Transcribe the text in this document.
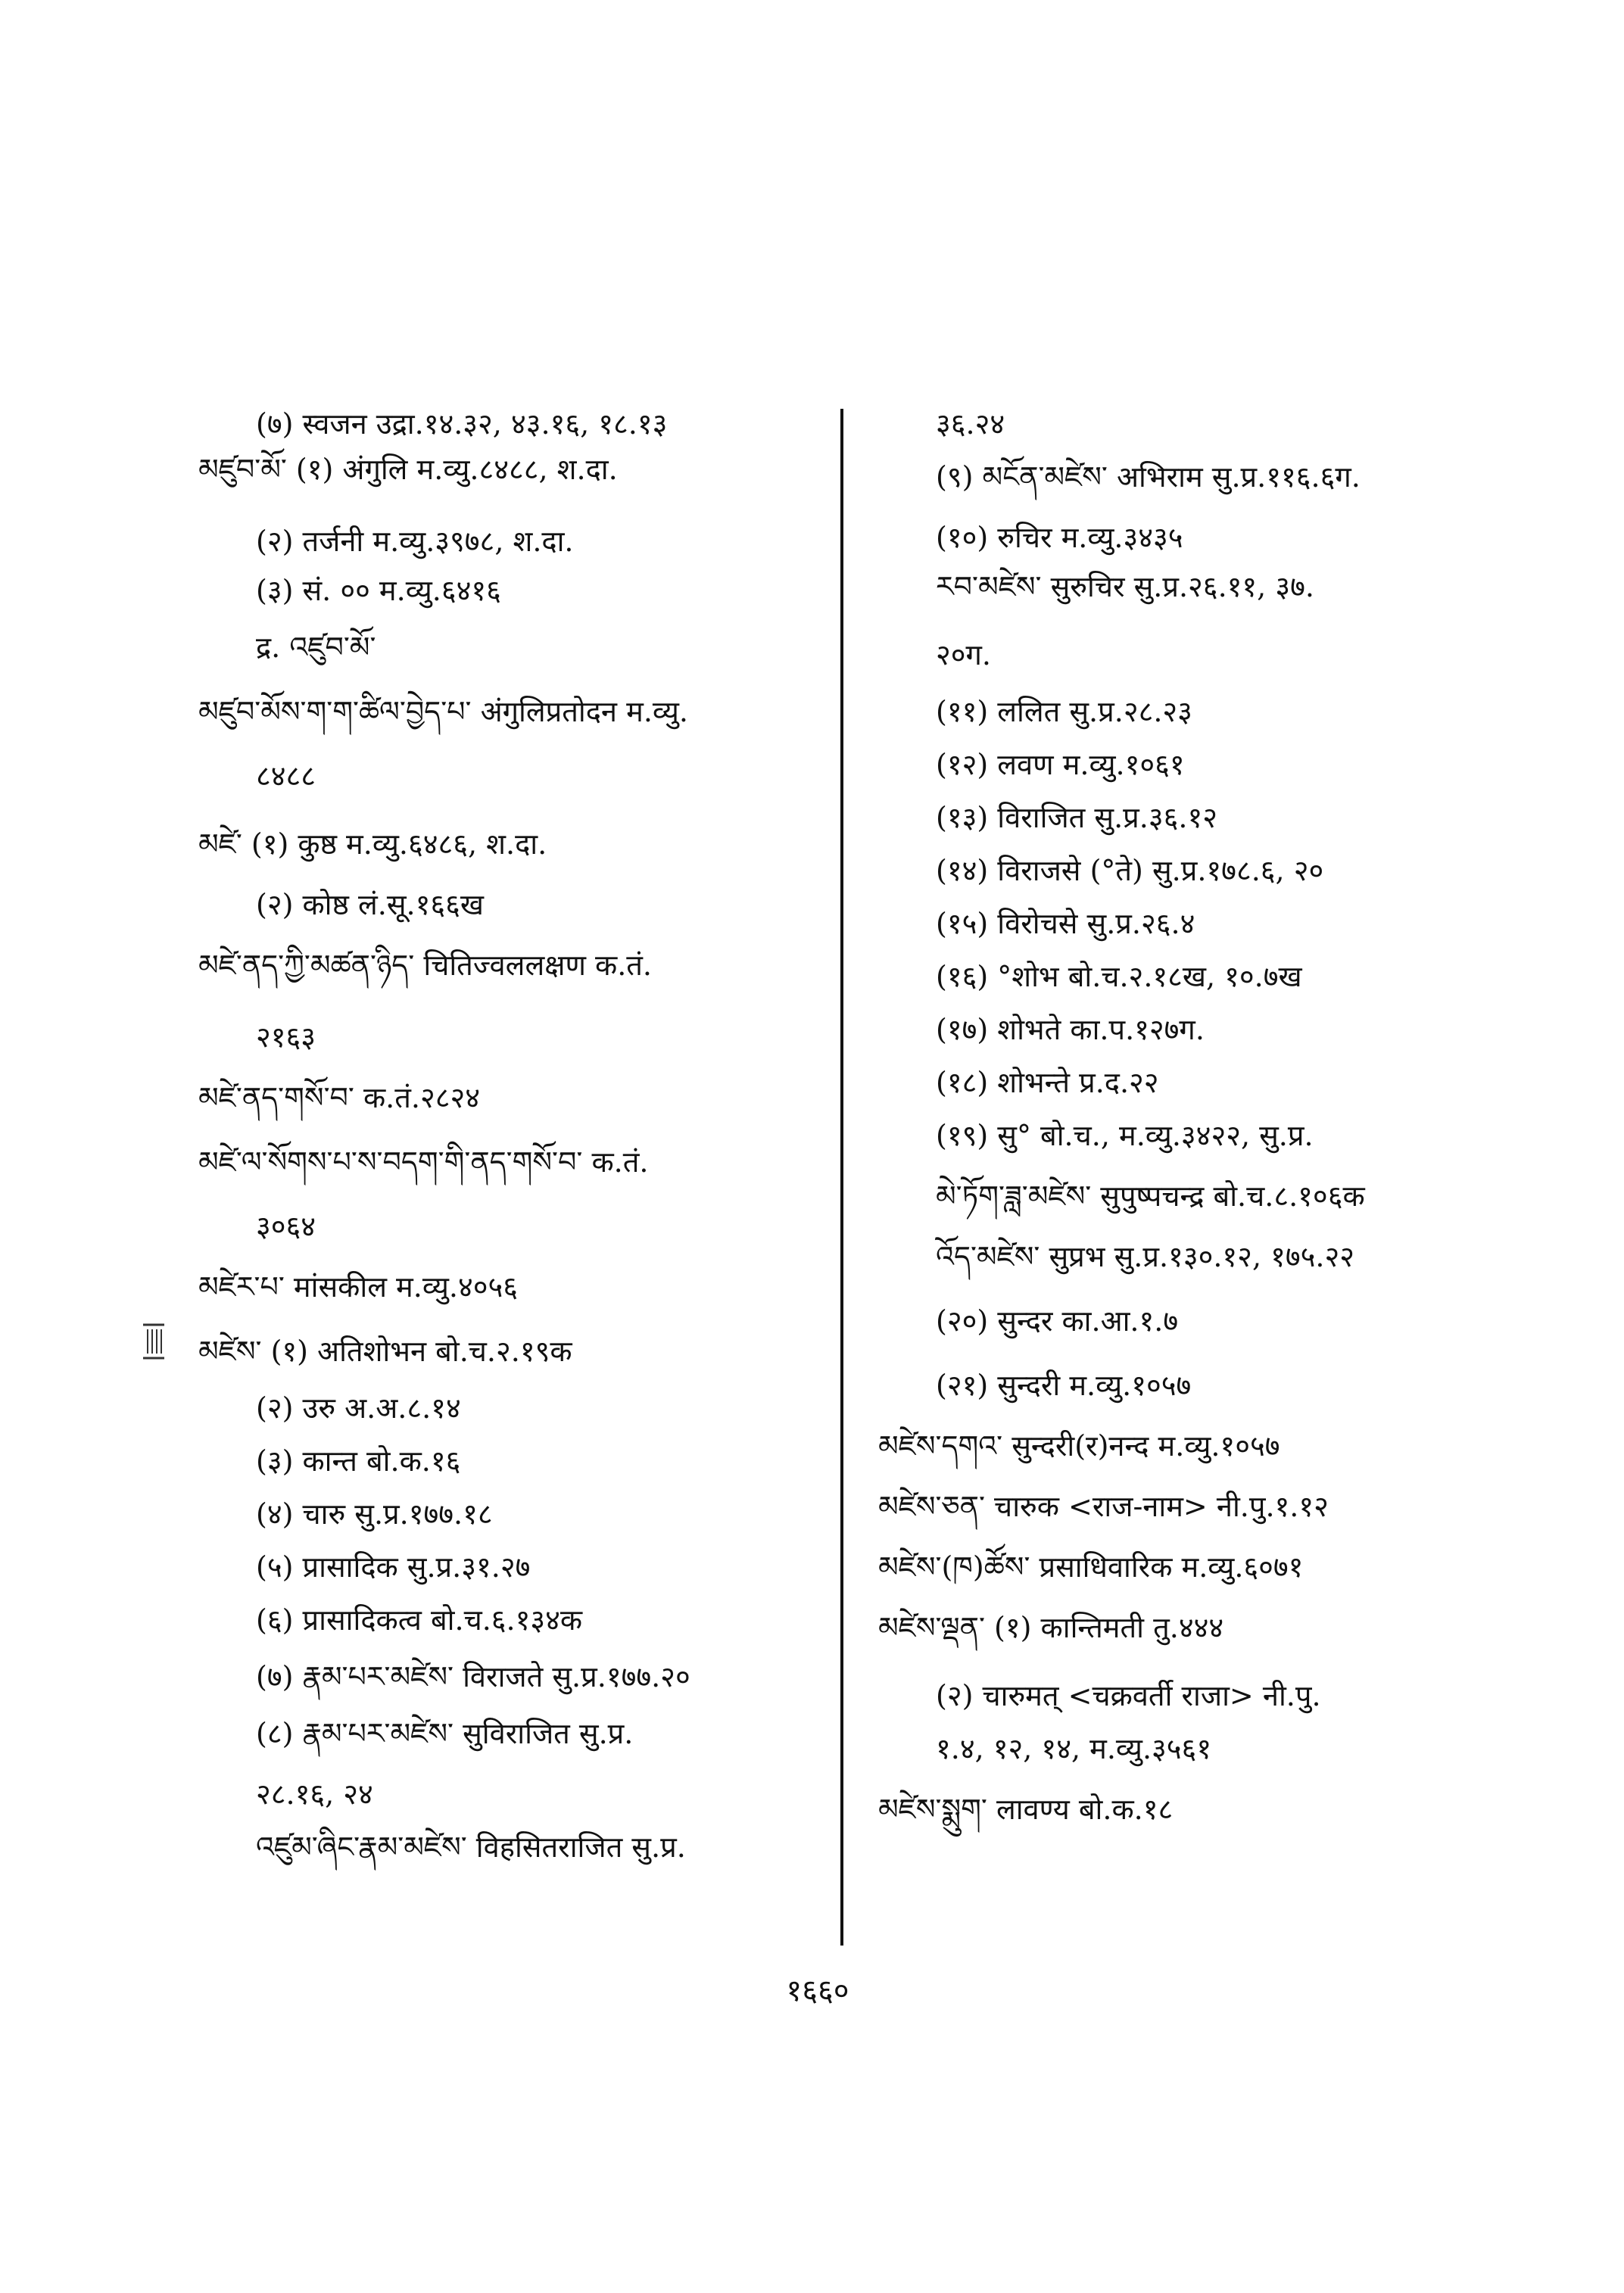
(७) स्वजन उद्रा.१४.३२, ४३.१६, १८.१३
མཛུབ་མོ་ (१) अंगुलि म.व्यु.८४८८, श.दा.
(२) तर्जनी म.व्यु.३९७८, श.दा.
(३) सं. ०० म.व्यु.६४१६
द्र. འཛུབ་མོ་
མཛུབ་མོས་ག་ག་ཚིལ་བྱེད་པ་ अंगुलिप्रतोदन म.व्यु.
८४८८
མཛེ་ (१) कुष्ठ म.व्यु.६४८६, श.दा.
(२) कोष्ठ लं.सू.१६६ख
མཛེ་ནད་ཀྱི་མཚན་ཉིད་ चितिज्वललक्षण क.तं.
२१६३
མཛེ་ནད་གསོ་བ་ क.तं.२८२४
མཛེ་ལ་སོགས་པ་ས་བདག་གི་ནད་གསོ་བ་ क.तं.
३०६४
མཛེར་པ་ मांसकील म.व्यु.४०५६
མཛེས་ (१) अतिशोभन बो.च.२.१९क
(२) उरु अ.अ.८.१४
(३) कान्त बो.क.१६
(४) चारु सु.प्र.१७७.१८
(५) प्रासादिक सु.प्र.३१.२७
(६) प्रासादिकत्व बो.च.६.१३४क
(७) རྣམ་པར་མཛེས་ विराजते सु.प्र.१७७.२०
(८) རྣམ་པར་མཛེས་ सुविराजित सु.प्र.
२८.१६, २४
འཛུམ་ཞིང་རྣམ་མཛེས་ विहसितराजित सु.प्र.
३६.२४
(९) མངོན་མཛེས་ अभिराम सु.प्र.११६.६ग.
(१०) रुचिर म.व्यु.३४३५
རབ་མཛེས་ सुरुचिर सु.प्र.२६.११, ३७.
२०ग.
(११) ललित सु.प्र.२८.२३
(१२) लवण म.व्यु.१०६१
(१३) विराजित सु.प्र.३६.१२
(१४) विराजसे (°ते) सु.प्र.१७८.६, २०
(१५) विरोचसे सु.प्र.२६.४
(१६) °शोभ बो.च.२.१८ख, १०.७ख
(१७) शोभते का.प.१२७ग.
(१८) शोभन्ते प्र.द.२२
(१९) सु° बो.च., म.व्यु.३४२२, सु.प्र.
མེ་ཏོག་ཟླ་མཛེས་ सुपुष्पचन्द्र बो.च.८.१०६क
འོད་མཛེས་ सुप्रभ सु.प्र.१३०.१२, १७५.२२
(२०) सुन्दर का.आ.१.७
(२१) सुन्दरी म.व्यु.१०५७
མཛེས་དགའ་ सुन्दरी(र)नन्द म.व्यु.१०५७
མཛེས་ཅན་ चारुक <राज-नाम> नी.पु.१.१२
མཛེས་(ཁ)ཚོས་ प्रसाधिवारिक म.व्यु.६०७१
མཛེས་ལྡན་ (१) कान्तिमती तु.४४४
(२) चारुमत् <चक्रवर्ती राजा> नी.पु.
१.४, १२, १४, म.व्यु.३५६१
མཛེས་སྨུག་ लावण्य बो.क.१८
१६६०
